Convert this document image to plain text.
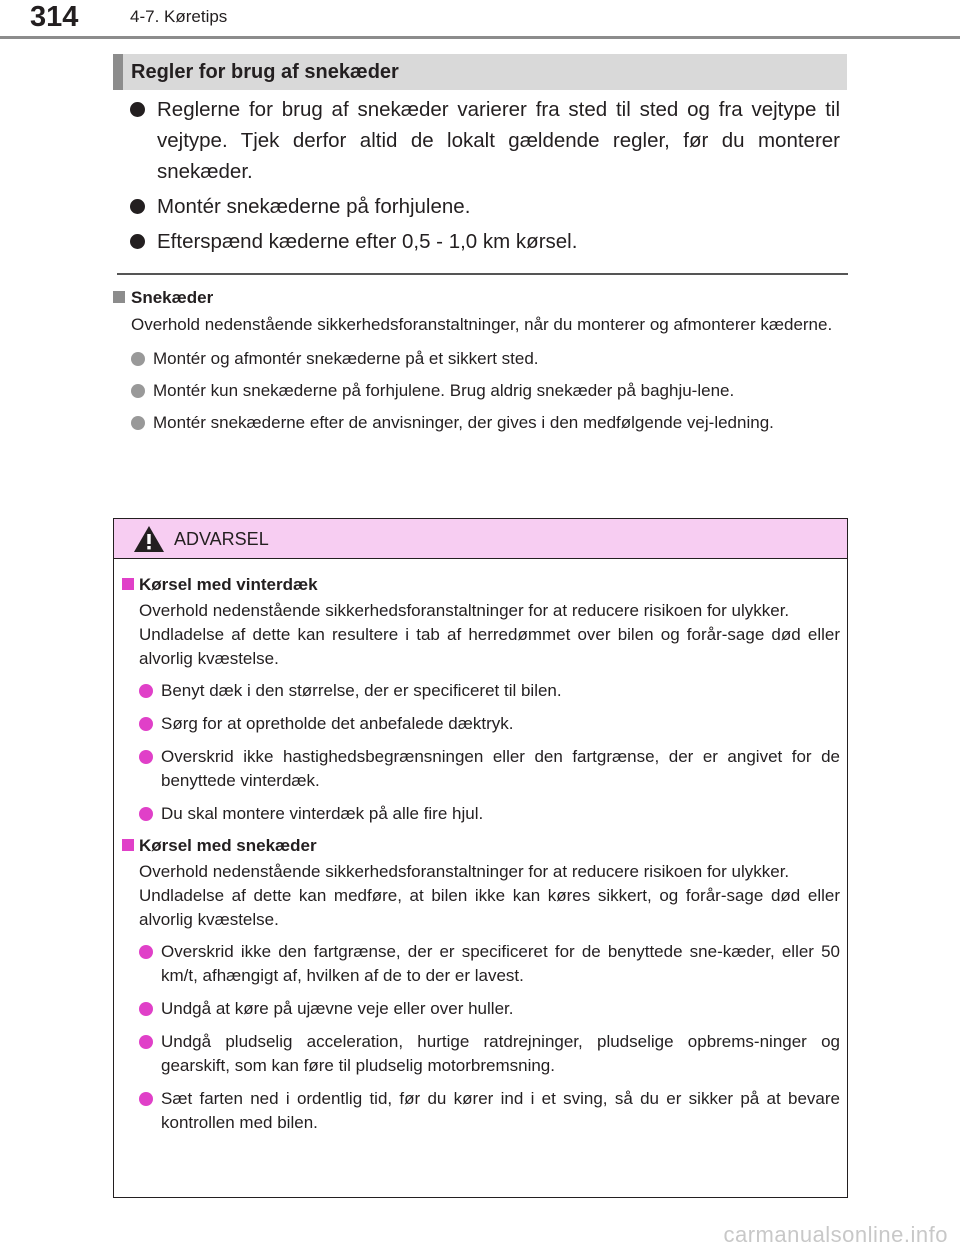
314	4-7. Køretips
Regler for brug af snekæder
Reglerne for brug af snekæder varierer fra sted til sted og fra vejtype til vejtype. Tjek derfor altid de lokalt gældende regler, før du monterer snekæder.
Montér snekæderne på forhjulene.
Efterspænd kæderne efter 0,5 - 1,0 km kørsel.
Snekæder
Overhold nedenstående sikkerhedsforanstaltninger, når du monterer og afmonterer kæderne.
Montér og afmontér snekæderne på et sikkert sted.
Montér kun snekæderne på forhjulene. Brug aldrig snekæder på baghju-lene.
Montér snekæderne efter de anvisninger, der gives i den medfølgende vej-ledning.
ADVARSEL
Kørsel med vinterdæk
Overhold nedenstående sikkerhedsforanstaltninger for at reducere risikoen for ulykker.
Undladelse af dette kan resultere i tab af herredømmet over bilen og forår-sage død eller alvorlig kvæstelse.
Benyt dæk i den størrelse, der er specificeret til bilen.
Sørg for at opretholde det anbefalede dæktryk.
Overskrid ikke hastighedsbegrænsningen eller den fartgrænse, der er angivet for de benyttede vinterdæk.
Du skal montere vinterdæk på alle fire hjul.
Kørsel med snekæder
Overhold nedenstående sikkerhedsforanstaltninger for at reducere risikoen for ulykker.
Undladelse af dette kan medføre, at bilen ikke kan køres sikkert, og forår-sage død eller alvorlig kvæstelse.
Overskrid ikke den fartgrænse, der er specificeret for de benyttede sne-kæder, eller 50 km/t, afhængigt af, hvilken af de to der er lavest.
Undgå at køre på ujævne veje eller over huller.
Undgå pludselig acceleration, hurtige ratdrejninger, pludselige opbrems-ninger og gearskift, som kan føre til pludselig motorbremsning.
Sæt farten ned i ordentlig tid, før du kører ind i et sving, så du er sikker på at bevare kontrollen med bilen.
carmanualsonline.info
